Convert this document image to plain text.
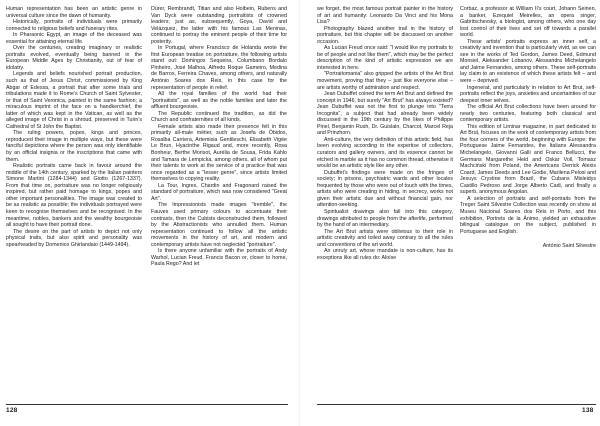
Human representation has been an artistic genre in universal culture since the dawn of humanity.

Historically, portraits of individuals were primarily connected to religious beliefs and funerary rites.

In Pharaonic Egypt, an image of the deceased was essential for attaining eternal life.

Over the centuries, creating imaginary or realistic portraits evolved, eventually being banned in the European Middle Ages by Christianity, out of fear of idolatry.

Legends and beliefs nourished portrait production, such as that of Jesus Christ, commissioned by King Abgar of Edessa, a portrait that after some trials and tribulations made it to Rome's Church of Saint Sylvester, or that of Saint Veronica, painted in the same fashion; a miraculous imprint of the face on a handkerchief, the latter of which was kept in the Vatican, as well as the alleged image of Christ in a shroud, preserved in Turin's Cathedral of St John the Baptist.

The ruling powers, popes, kings and princes, reproduced their image in multiple ways, but these were fanciful depictions where the person was only identifiable by an official insignia or the inscriptions that came with them.

Realistic portraits came back in favour around the middle of the 14th century, sparked by the Italian painters Simone Martini (1284-1344) and Giotto (1267-1337). From that time on, portraiture was no longer religiously inspired, but rather paid homage to kings, popes and other important personalities. The image was created to be as realistic as possible; the individuals portrayed were keen to recognise themselves and be recognised. In the meantime, nobles, bankers and the wealthy bourgeoisie all sought to have their portrait done.

The desire on the part of artists to depict not only physical traits, but also spirit and personality was spearheaded by Domenico Ghirlandaio (1449-1494).

Dürer, Rembrandt, Titian and also Holbein, Rubens and Van Dyck were outstanding portraitists of crowned leaders; just as, subsequently, Goya, David and Velázquez, the latter with his famous Las Meninas, continued to portray the eminent people of their time for posterity.

In Portugal, where Francisco de Holanda wrote the first European treatise on portraiture, the following artists stand out: Domingos Sequeira, Columbano Bordalo Pinheiro, José Malhoa, Alfredo Roque Gameiro, Medina de Barros, Ferreira Chaves, among others, and naturally António Soares dos Reis, in this case for the representation of people in relief.

All the royal families of the world had their "portraitists", as well as the noble families and later the affluent bourgeoisie.

The Republic continued the tradition, as did the Church and confraternities of all kinds.

Female artists also made their presence felt in this primarily all-male métier, such as Josefa de Óbidos, Rosalba Carriera, Artemisia Gentileschi, Elisabeth Vigée Le Brun, Hyacinthe Rigaud and, more recently, Rosa Bonheur, Berthe Morisot, Aurélia de Sousa, Frida Kahlo and Tamara de Lempicka, among others, all of whom put their talents to work at the service of a practice that was once regarded as a "lesser genre", since artists limited themselves to copying reality.

La Tour, Ingres, Chardin and Fragonard raised the standard of portraiture, which was now considered "Great Art".

The Impressionists made images "tremble", the Fauves used primary colours to accentuate their contrasts, then the Cubists deconstructed them, followed by the Abstractionists who annulled them. Human representation continued to follow all the artistic movements in the history of art, and modern and contemporary artists have not neglected "portraiture".

Is there anyone unfamiliar with the portraits of Andy Warhol, Lucian Freud, Francis Bacon or, closer to home, Paula Rego? And let

we forget, the most famous portrait painter in the history of art and humanity: Leonardo Da Vinci and his Mona Lisa?

Photography blazed another trail in the history of portraiture, but this chapter will be discussed on another occasion.

As Lucian Freud once said: "I would like my portraits to be of people and not like them", which may be the perfect description of the kind of artistic expression we are interested in here.

"Portraitomania" also gripped the artists of the Art Brut movement, proving that they – just like everyone else – are artists worthy of admiration and respect.

Jean Dubuffet coined the term Art Brut and defined the concept in 1946, but surely "Art Brut" has always existed? Jean Dubuffet was not the first to plunge into "Terra Incognita", a subject that had already been widely discussed in the 19th century by the likes of Philippe Pinel, Benjamin Rush, Dr. Guislain, Charcot, Marcel Reja and Prinzhorn.

Anti-culture, the very definition of this artistic field, has been evolving according to the expertise of collectors, curators and gallery owners, and its essence cannot be etched in marble as it has no common thread, otherwise it would be an artistic style like any other.

Dubuffet's findings were made on the fringes of society; in prisons, psychiatric wards and other locales frequented by those who were out of touch with the times, artists who were creating in hiding, in secrecy, works not given their artistic due and without financial gain, nor attention-seeking.

Spiritualist drawings also fall into this category, drawings attributed to people from the afterlife, performed by the hand of an intermediary.

The Art Brut artists were oblivious to their role in artistic creativity and toiled away contrary to all the rules and conventions of the art world.

An unruly art, whose mandate is non-culture, has its exceptions like all rules do: Aloïse

Corbaz, a professor at William II's court, Johann Seinen, a banker, Ezequiel Meirelles, an opera singer, Gabritschevsky, a biologist, among others, who one day lost control of their lives and set off towards a parallel world.

These artists' portraits express an inner self, a creativity and invention that is particularly vivid, as we can see in the works of Ted Gordon, James Deed, Edmund Monsiel, Aleksander Lobanov, Alessandra Michelangelo and Jaime Fernandes, among others. These self-portraits lay claim to an existence of which these artists felt – and were – deprived.

Ingenerat, and particularly in relation to Art Brut, self-portraits reflect the joys, anxieties and uncertainties of our deepest inner selves.

The official Art Brut collections have been around for nearly two centuries, featuring both classical and contemporary artists.

This edition of Liminar magazine, in part dedicated to Art Brut, focuses on the work of contemporary artists from the four corners of the world, beginning with Europe: the Portuguese Jaime Fernandes, the Italians Alessandra Michelangelo, Giovanni Galli and Franco Bellucci, the Germans Margarethe Held and Oskar Voll, Tomasz Machciński from Poland, the Americans Derrick Alexis Coard, James Deeds and Lee Godie, Marilena Pelosi and Jesuys Crystine from Brazil, the Cubans Misleidys Castillo Pedroso and Jorge Alberto Cadi, and finally a superb, anonymous Angolan.

A selection of portraits and self-portraits from the Treger Saint Silvestre Collection was recently on show at Museu Nacional Soares dos Reis in Porto, and this exhibition, Portrets de la Ânimo, yielded an exhaustive bilingual catalogue on the subject, published in Portuguese and English.

António Saint Silvestre

128	138
